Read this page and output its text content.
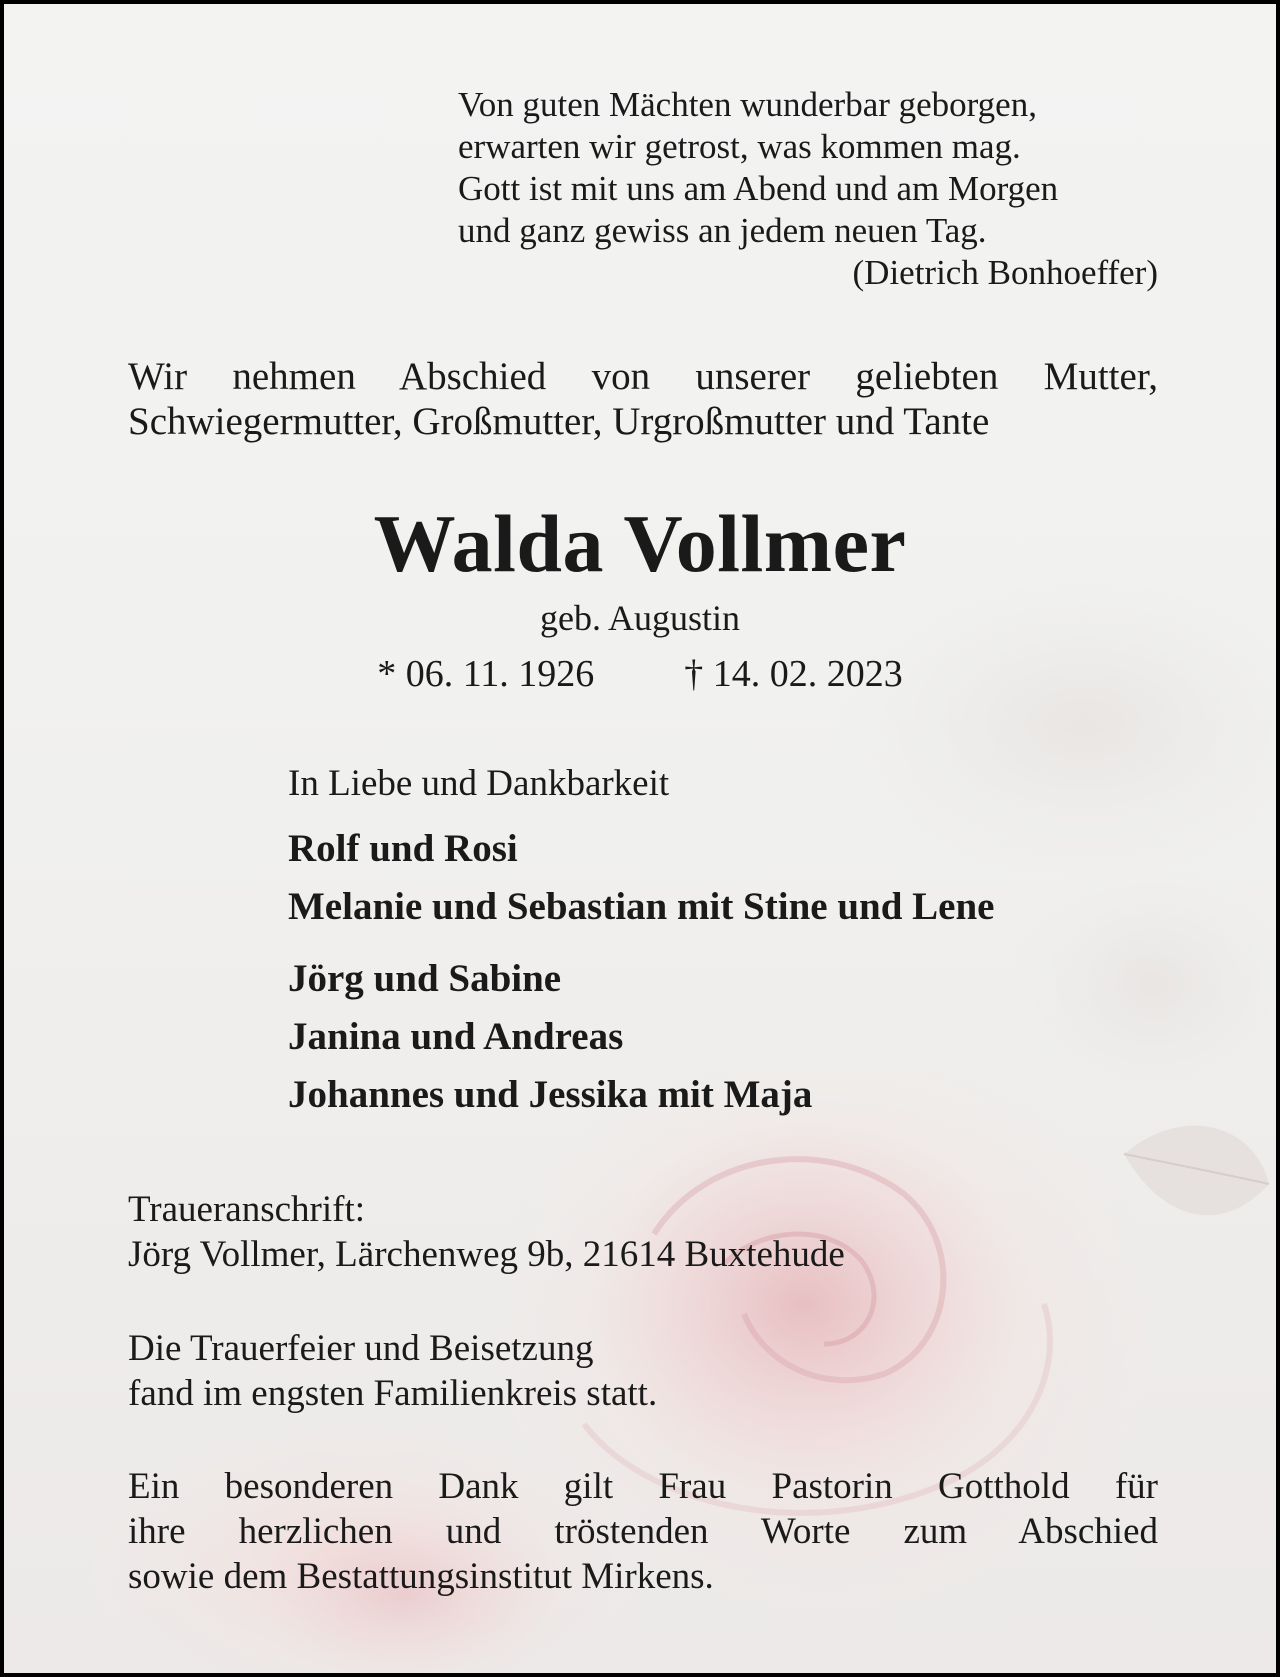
Von guten Mächten wunderbar geborgen,
erwarten wir getrost, was kommen mag.
Gott ist mit uns am Abend und am Morgen
und ganz gewiss an jedem neuen Tag.
(Dietrich Bonhoeffer)
Wir nehmen Abschied von unserer geliebten Mutter,
Schwiegermutter, Großmutter, Urgroßmutter und Tante
Walda Vollmer
geb. Augustin
* 06. 11. 1926 † 14. 02. 2023

In Liebe und Dankbarkeit

Rolf und Rosi

Melanie und Sebastian mit Stine und Lene

Jörg und Sabine

Janina und Andreas

Johannes und Jessika mit Maja

Traueranschrift:
Jörg Vollmer, Lärchenweg 9b, 21614 Buxtehude
Die Trauerfeier und Beisetzung
fand im engsten Familienkreis statt.
Ein besonderen Dank gilt Frau Pastorin Gotthold für
ihre herzlichen und tröstenden Worte zum Abschied
sowie dem Bestattungsinstitut Mirkens.
